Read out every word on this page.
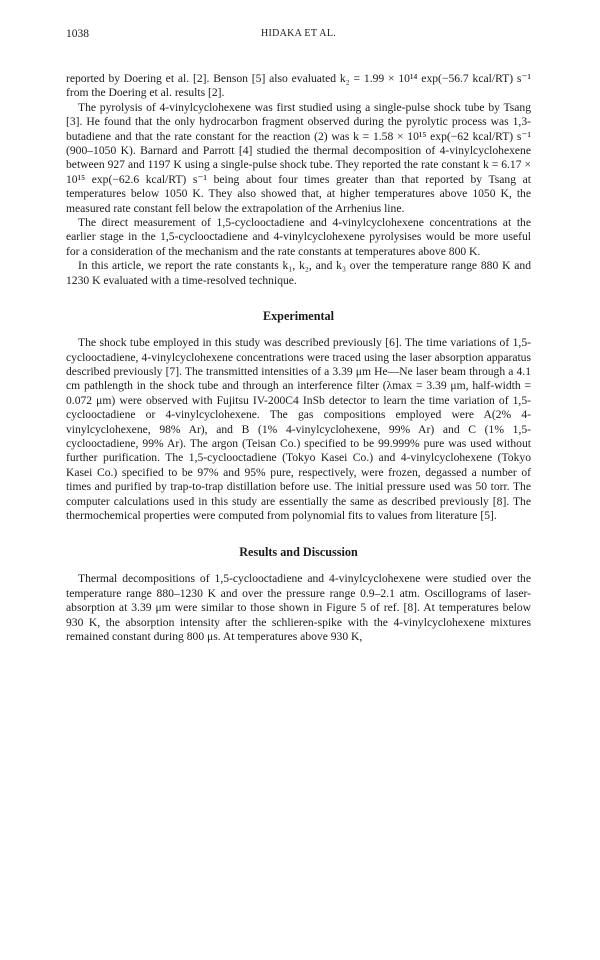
1038	HIDAKA ET AL.

reported by Doering et al. [2]. Benson [5] also evaluated k₂ = 1.99 × 10¹⁴ exp(−56.7 kcal/RT) s⁻¹ from the Doering et al. results [2].

The pyrolysis of 4-vinylcyclohexene was first studied using a single-pulse shock tube by Tsang [3]. He found that the only hydrocarbon fragment observed during the pyrolytic process was 1,3-butadiene and that the rate constant for the reaction (2) was k = 1.58 × 10¹⁵ exp(−62 kcal/RT) s⁻¹ (900–1050 K). Barnard and Parrott [4] studied the thermal decomposition of 4-vinylcyclohexene between 927 and 1197 K using a single-pulse shock tube. They reported the rate constant k = 6.17 × 10¹⁵ exp(−62.6 kcal/RT) s⁻¹ being about four times greater than that reported by Tsang at temperatures below 1050 K. They also showed that, at higher temperatures above 1050 K, the measured rate constant fell below the extrapolation of the Arrhenius line.

The direct measurement of 1,5-cyclooctadiene and 4-vinylcyclohexene concentrations at the earlier stage in the 1,5-cyclooctadiene and 4-vinylcyclohexene pyrolysises would be more useful for a consideration of the mechanism and the rate constants at temperatures above 800 K.

In this article, we report the rate constants k₁, k₂, and k₃ over the temperature range 880 K and 1230 K evaluated with a time-resolved technique.

Experimental

The shock tube employed in this study was described previously [6]. The time variations of 1,5-cyclooctadiene, 4-vinylcyclohexene concentrations were traced using the laser absorption apparatus described previously [7]. The transmitted intensities of a 3.39 μm He—Ne laser beam through a 4.1 cm pathlength in the shock tube and through an interference filter (λmax = 3.39 μm, half-width = 0.072 μm) were observed with Fujitsu IV-200C4 InSb detector to learn the time variation of 1,5-cyclooctadiene or 4-vinylcyclohexene. The gas compositions employed were A(2% 4-vinylcyclohexene, 98% Ar), and B (1% 4-vinylcyclohexene, 99% Ar) and C (1% 1,5-cyclooctadiene, 99% Ar). The argon (Teisan Co.) specified to be 99.999% pure was used without further purification. The 1,5-cyclooctadiene (Tokyo Kasei Co.) and 4-vinylcyclohexene (Tokyo Kasei Co.) specified to be 97% and 95% pure, respectively, were frozen, degassed a number of times and purified by trap-to-trap distillation before use. The initial pressure used was 50 torr. The computer calculations used in this study are essentially the same as described previously [8]. The thermochemical properties were computed from polynomial fits to values from literature [5].

Results and Discussion

Thermal decompositions of 1,5-cyclooctadiene and 4-vinylcyclohexene were studied over the temperature range 880–1230 K and over the pressure range 0.9–2.1 atm. Oscillograms of laser-absorption at 3.39 μm were similar to those shown in Figure 5 of ref. [8]. At temperatures below 930 K, the absorption intensity after the schlieren-spike with the 4-vinylcyclohexene mixtures remained constant during 800 μs. At temperatures above 930 K,
